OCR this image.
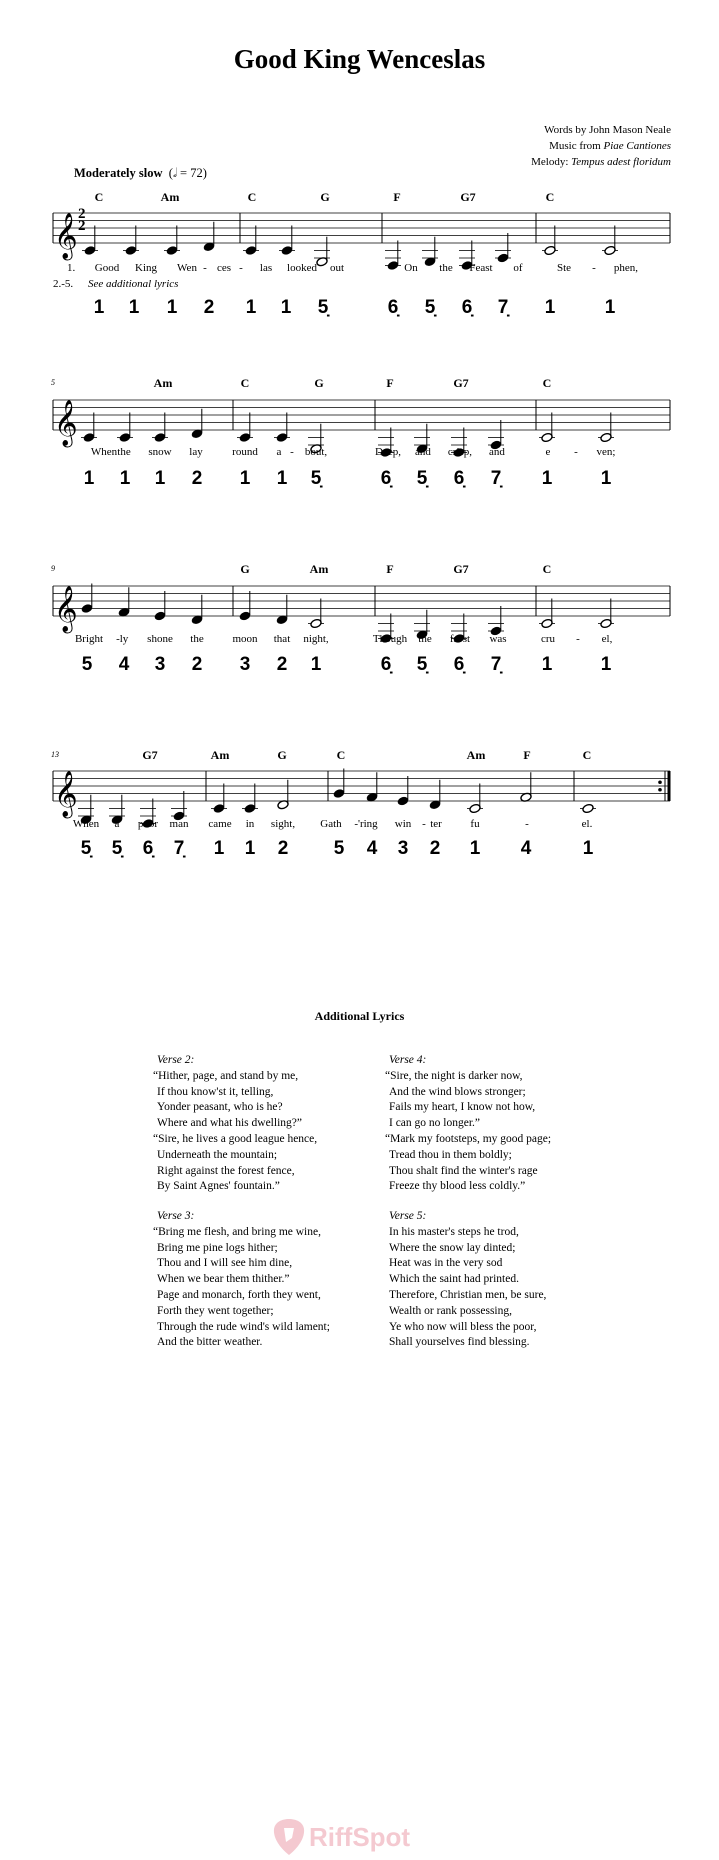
Good King Wenceslas
Words by John Mason Neale
Music from Piae Cantiones
Melody: Tempus adest floridum
Moderately slow (𝅗𝅥 = 72)
𝄞
𝄞
𝄞
𝄞
5
9
13
2
2
C	Am	C	G	F	G7	C
Good King Wen - ces - las looked out	On the Feast of	Ste - phen,
1 1 1 2 1 1 5̣	6̣ 5̣ 6̣ 7̣ 1	1
Am	C	G	F	G7	C
When the snow lay	round a - bout,	Deep, and crisp, and	e - ven;
1 1 1 2 1 1 5̣	6̣ 5̣ 6̣ 7̣ 1	1
G	Am	F	G7	C
Bright - ly shone the	moon that night,	Though the frost was	cru - el,
5 4 3 2 3 2 1	6̣ 5̣ 6̣ 7̣ 1	1
G7	Am	G	C	Am	F	C
When a poor man came in sight, Gath -'ring win - ter	fu	-	el.
5̣ 5̣ 6̣ 7̣ 1 1 2 5 4 3 2 1 4	1
1.
2.-5. See additional lyrics
Additional Lyrics
Verse 2:
“Hither, page, and stand by me,
If thou know'st it, telling,
Yonder peasant, who is he?
Where and what his dwelling?”
“Sire, he lives a good league hence,
Underneath the mountain;
Right against the forest fence,
By Saint Agnes' fountain.”
Verse 3:
“Bring me flesh, and bring me wine,
Bring me pine logs hither;
Thou and I will see him dine,
When we bear them thither.”
Page and monarch, forth they went,
Forth they went together;
Through the rude wind's wild lament;
And the bitter weather.
Verse 4:
“Sire, the night is darker now,
And the wind blows stronger;
Fails my heart, I know not how,
I can go no longer.”
“Mark my footsteps, my good page;
Tread thou in them boldly;
Thou shalt find the winter's rage
Freeze thy blood less coldly.”
Verse 5:
In his master's steps he trod,
Where the snow lay dinted;
Heat was in the very sod
Which the saint had printed.
Therefore, Christian men, be sure,
Wealth or rank possessing,
Ye who now will bless the poor,
Shall yourselves find blessing.
RiffSpot
